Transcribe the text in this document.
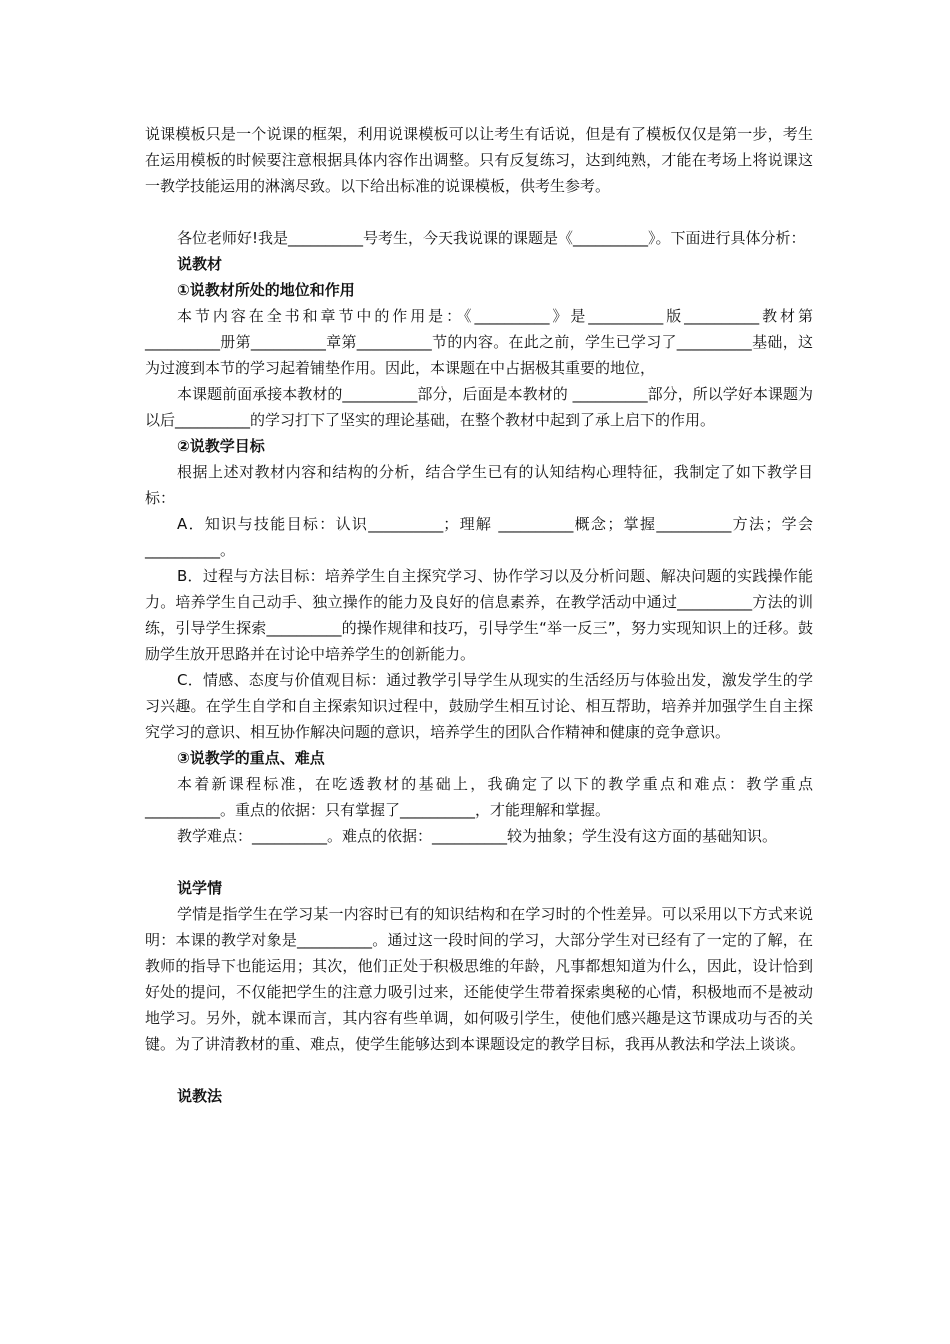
说课模板只是一个说课的框架，利用说课模板可以让考生有话说，但是有了模板仅仅是第一步，考生在运用模板的时候要注意根据具体内容作出调整。只有反复练习，达到纯熟，才能在考场上将说课这一教学技能运用的淋漓尽致。以下给出标准的说课模板，供考生参考。

各位老师好!我是__________号考生，今天我说课的课题是《__________》。下面进行具体分析：

说教材

①说教材所处的地位和作用

本节内容在全书和章节中的作用是：《__________》是__________版__________教材第__________册第__________章第__________节的内容。在此之前，学生已学习了__________基础，这为过渡到本节的学习起着铺垫作用。因此，本课题在中占据极其重要的地位，

本课题前面承接本教材的__________部分，后面是本教材的 __________部分，所以学好本课题为以后__________的学习打下了坚实的理论基础，在整个教材中起到了承上启下的作用。

②说教学目标

根据上述对教材内容和结构的分析，结合学生已有的认知结构心理特征，我制定了如下教学目标：

A．知识与技能目标：认识__________；理解 __________概念；掌握__________方法；学会__________。

B．过程与方法目标：培养学生自主探究学习、协作学习以及分析问题、解决问题的实践操作能力。培养学生自己动手、独立操作的能力及良好的信息素养，在教学活动中通过__________方法的训练，引导学生探索__________的操作规律和技巧，引导学生“举一反三”，努力实现知识上的迁移。鼓励学生放开思路并在讨论中培养学生的创新能力。

C．情感、态度与价值观目标：通过教学引导学生从现实的生活经历与体验出发，激发学生的学习兴趣。在学生自学和自主探索知识过程中，鼓励学生相互讨论、相互帮助，培养并加强学生自主探究学习的意识、相互协作解决问题的意识，培养学生的团队合作精神和健康的竞争意识。

③说教学的重点、难点

本着新课程标准，在吃透教材的基础上，我确定了以下的教学重点和难点：教学重点__________。重点的依据：只有掌握了__________，才能理解和掌握。

教学难点：__________。难点的依据：__________较为抽象；学生没有这方面的基础知识。

说学情

学情是指学生在学习某一内容时已有的知识结构和在学习时的个性差异。可以采用以下方式来说明：本课的教学对象是__________。通过这一段时间的学习，大部分学生对已经有了一定的了解，在教师的指导下也能运用；其次，他们正处于积极思维的年龄，凡事都想知道为什么，因此，设计恰到好处的提问，不仅能把学生的注意力吸引过来，还能使学生带着探索奥秘的心情，积极地而不是被动地学习。另外，就本课而言，其内容有些单调，如何吸引学生，使他们感兴趣是这节课成功与否的关键。为了讲清教材的重、难点，使学生能够达到本课题设定的教学目标，我再从教法和学法上谈谈。

说教法
